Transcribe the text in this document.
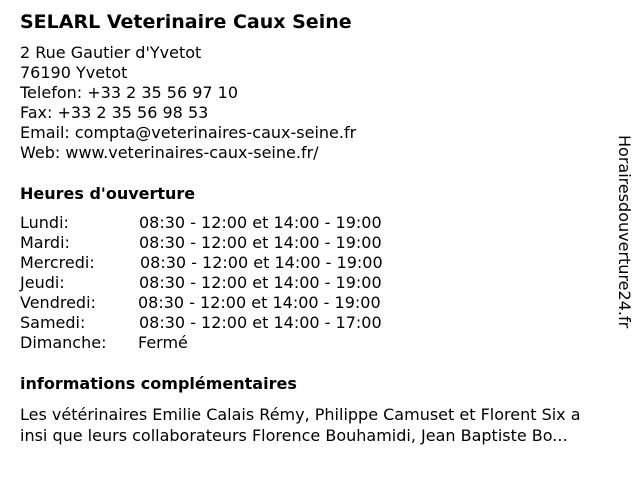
SELARL Veterinaire Caux Seine
2 Rue Gautier d'Yvetot
76190 Yvetot
Telefon: +33 2 35 56 97 10
Fax: +33 2 35 56 98 53
Email: compta@veterinaires-caux-seine.fr
Web: www.veterinaires-caux-seine.fr/
Heures d'ouverture
Lundi:	08:30 - 12:00 et 14:00 - 19:00
Mardi:	08:30 - 12:00 et 14:00 - 19:00
Mercredi:	08:30 - 12:00 et 14:00 - 19:00
Jeudi:	08:30 - 12:00 et 14:00 - 19:00
Vendredi:	08:30 - 12:00 et 14:00 - 19:00
Samedi:	08:30 - 12:00 et 14:00 - 17:00
Dimanche: Fermé
informations complémentaires
Les vétérinaires Emilie Calais Rémy, Philippe Camuset et Florent Six a
insi que leurs collaborateurs Florence Bouhamidi, Jean Baptiste Bo...
Horairesdouverture24.fr
